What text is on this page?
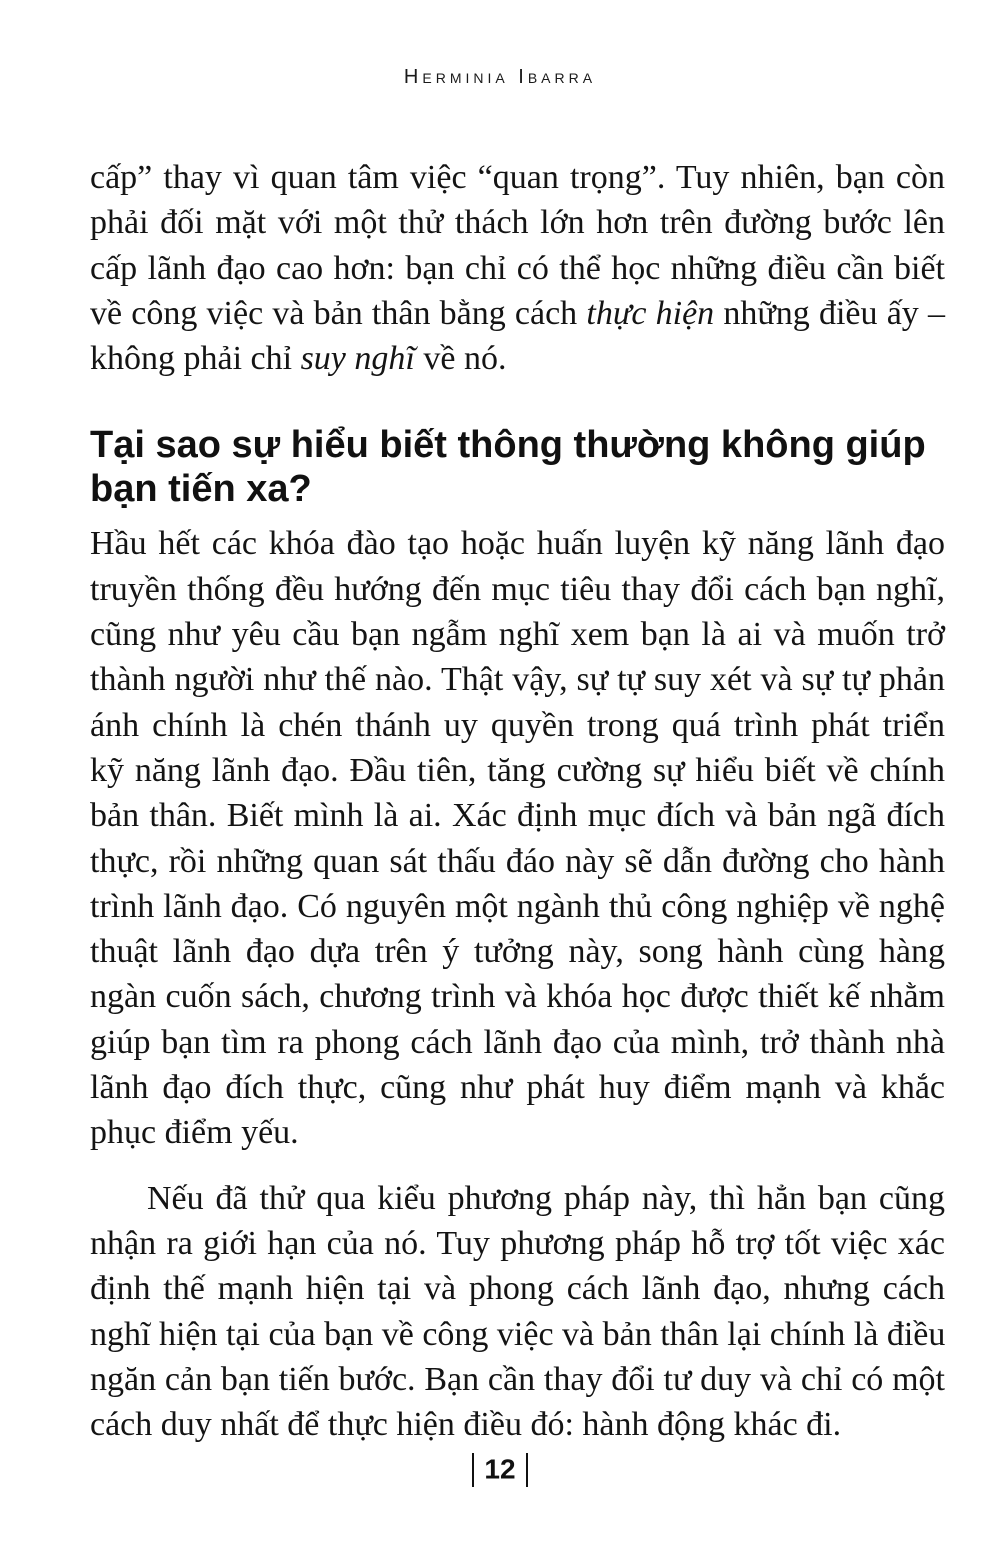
Herminia Ibarra

cấp” thay vì quan tâm việc “quan trọng”. Tuy nhiên, bạn còn
phải đối mặt với một thử thách lớn hơn trên đường bước lên
cấp lãnh đạo cao hơn: bạn chỉ có thể học những điều cần biết
về công việc và bản thân bằng cách thực hiện những điều ấy –
không phải chỉ suy nghĩ về nó.

Tại sao sự hiểu biết thông thường không giúp
bạn tiến xa?

Hầu hết các khóa đào tạo hoặc huấn luyện kỹ năng lãnh đạo
truyền thống đều hướng đến mục tiêu thay đổi cách bạn nghĩ,
cũng như yêu cầu bạn ngẫm nghĩ xem bạn là ai và muốn trở
thành người như thế nào. Thật vậy, sự tự suy xét và sự tự phản
ánh chính là chén thánh uy quyền trong quá trình phát triển
kỹ năng lãnh đạo. Đầu tiên, tăng cường sự hiểu biết về chính
bản thân. Biết mình là ai. Xác định mục đích và bản ngã đích
thực, rồi những quan sát thấu đáo này sẽ dẫn đường cho hành
trình lãnh đạo. Có nguyên một ngành thủ công nghiệp về nghệ
thuật lãnh đạo dựa trên ý tưởng này, song hành cùng hàng
ngàn cuốn sách, chương trình và khóa học được thiết kế nhằm
giúp bạn tìm ra phong cách lãnh đạo của mình, trở thành nhà
lãnh đạo đích thực, cũng như phát huy điểm mạnh và khắc
phục điểm yếu.

Nếu đã thử qua kiểu phương pháp này, thì hẳn bạn cũng
nhận ra giới hạn của nó. Tuy phương pháp hỗ trợ tốt việc xác
định thế mạnh hiện tại và phong cách lãnh đạo, nhưng cách
nghĩ hiện tại của bạn về công việc và bản thân lại chính là điều
ngăn cản bạn tiến bước. Bạn cần thay đổi tư duy và chỉ có một
cách duy nhất để thực hiện điều đó: hành động khác đi.

12
